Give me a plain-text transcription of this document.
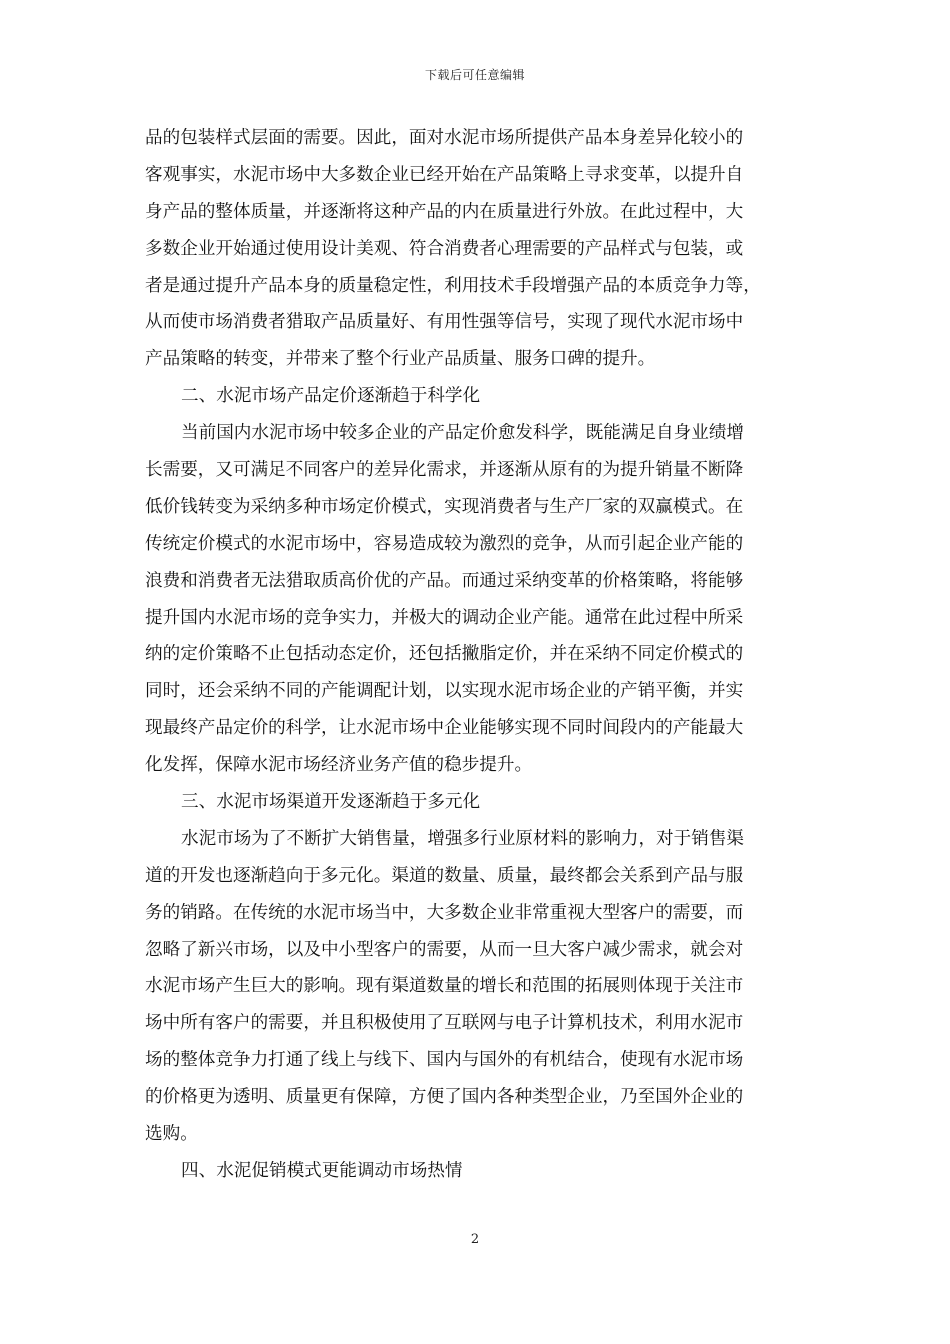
下载后可任意编辑
品的包装样式层面的需要。因此，面对水泥市场所提供产品本身差异化较小的
客观事实，水泥市场中大多数企业已经开始在产品策略上寻求变革，以提升自
身产品的整体质量，并逐渐将这种产品的内在质量进行外放。在此过程中，大
多数企业开始通过使用设计美观、符合消费者心理需要的产品样式与包装，或
者是通过提升产品本身的质量稳定性，利用技术手段增强产品的本质竞争力等，
从而使市场消费者猎取产品质量好、有用性强等信号，实现了现代水泥市场中
产品策略的转变，并带来了整个行业产品质量、服务口碑的提升。
二、水泥市场产品定价逐渐趋于科学化
当前国内水泥市场中较多企业的产品定价愈发科学，既能满足自身业绩增
长需要，又可满足不同客户的差异化需求，并逐渐从原有的为提升销量不断降
低价钱转变为采纳多种市场定价模式，实现消费者与生产厂家的双赢模式。在
传统定价模式的水泥市场中，容易造成较为激烈的竞争，从而引起企业产能的
浪费和消费者无法猎取质高价优的产品。而通过采纳变革的价格策略，将能够
提升国内水泥市场的竞争实力，并极大的调动企业产能。通常在此过程中所采
纳的定价策略不止包括动态定价，还包括撇脂定价，并在采纳不同定价模式的
同时，还会采纳不同的产能调配计划，以实现水泥市场企业的产销平衡，并实
现最终产品定价的科学，让水泥市场中企业能够实现不同时间段内的产能最大
化发挥，保障水泥市场经济业务产值的稳步提升。
三、水泥市场渠道开发逐渐趋于多元化
水泥市场为了不断扩大销售量，增强多行业原材料的影响力，对于销售渠
道的开发也逐渐趋向于多元化。渠道的数量、质量，最终都会关系到产品与服
务的销路。在传统的水泥市场当中，大多数企业非常重视大型客户的需要，而
忽略了新兴市场，以及中小型客户的需要，从而一旦大客户减少需求，就会对
水泥市场产生巨大的影响。现有渠道数量的增长和范围的拓展则体现于关注市
场中所有客户的需要，并且积极使用了互联网与电子计算机技术，利用水泥市
场的整体竞争力打通了线上与线下、国内与国外的有机结合，使现有水泥市场
的价格更为透明、质量更有保障，方便了国内各种类型企业，乃至国外企业的
选购。
四、水泥促销模式更能调动市场热情
2
